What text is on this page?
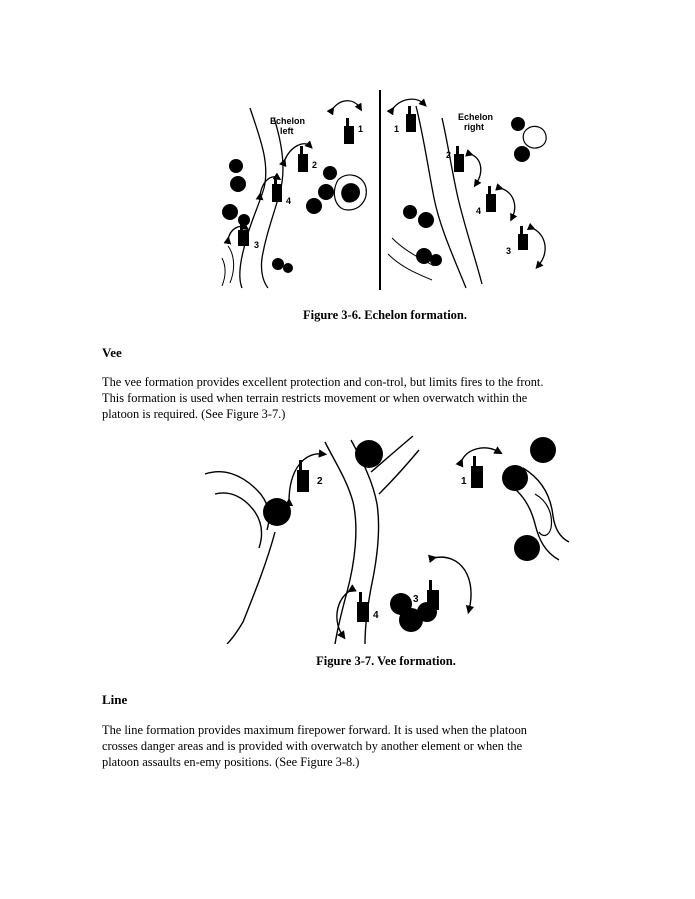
Echelon
left	1
2
4
3
Echelon
right
1
2
4
3
Figure 3-6. Echelon formation.
Vee

The vee formation provides excellent protection and con-trol, but limits fires to the front.

This formation is used when terrain restricts movement or when overwatch within the

platoon is required. (See Figure 3-7.)

1
2
3
4
Figure 3-7. Vee formation.
Line

The line formation provides maximum firepower forward. It is used when the platoon

crosses danger areas and is provided with overwatch by another element or when the

platoon assaults en-emy positions. (See Figure 3-8.)
